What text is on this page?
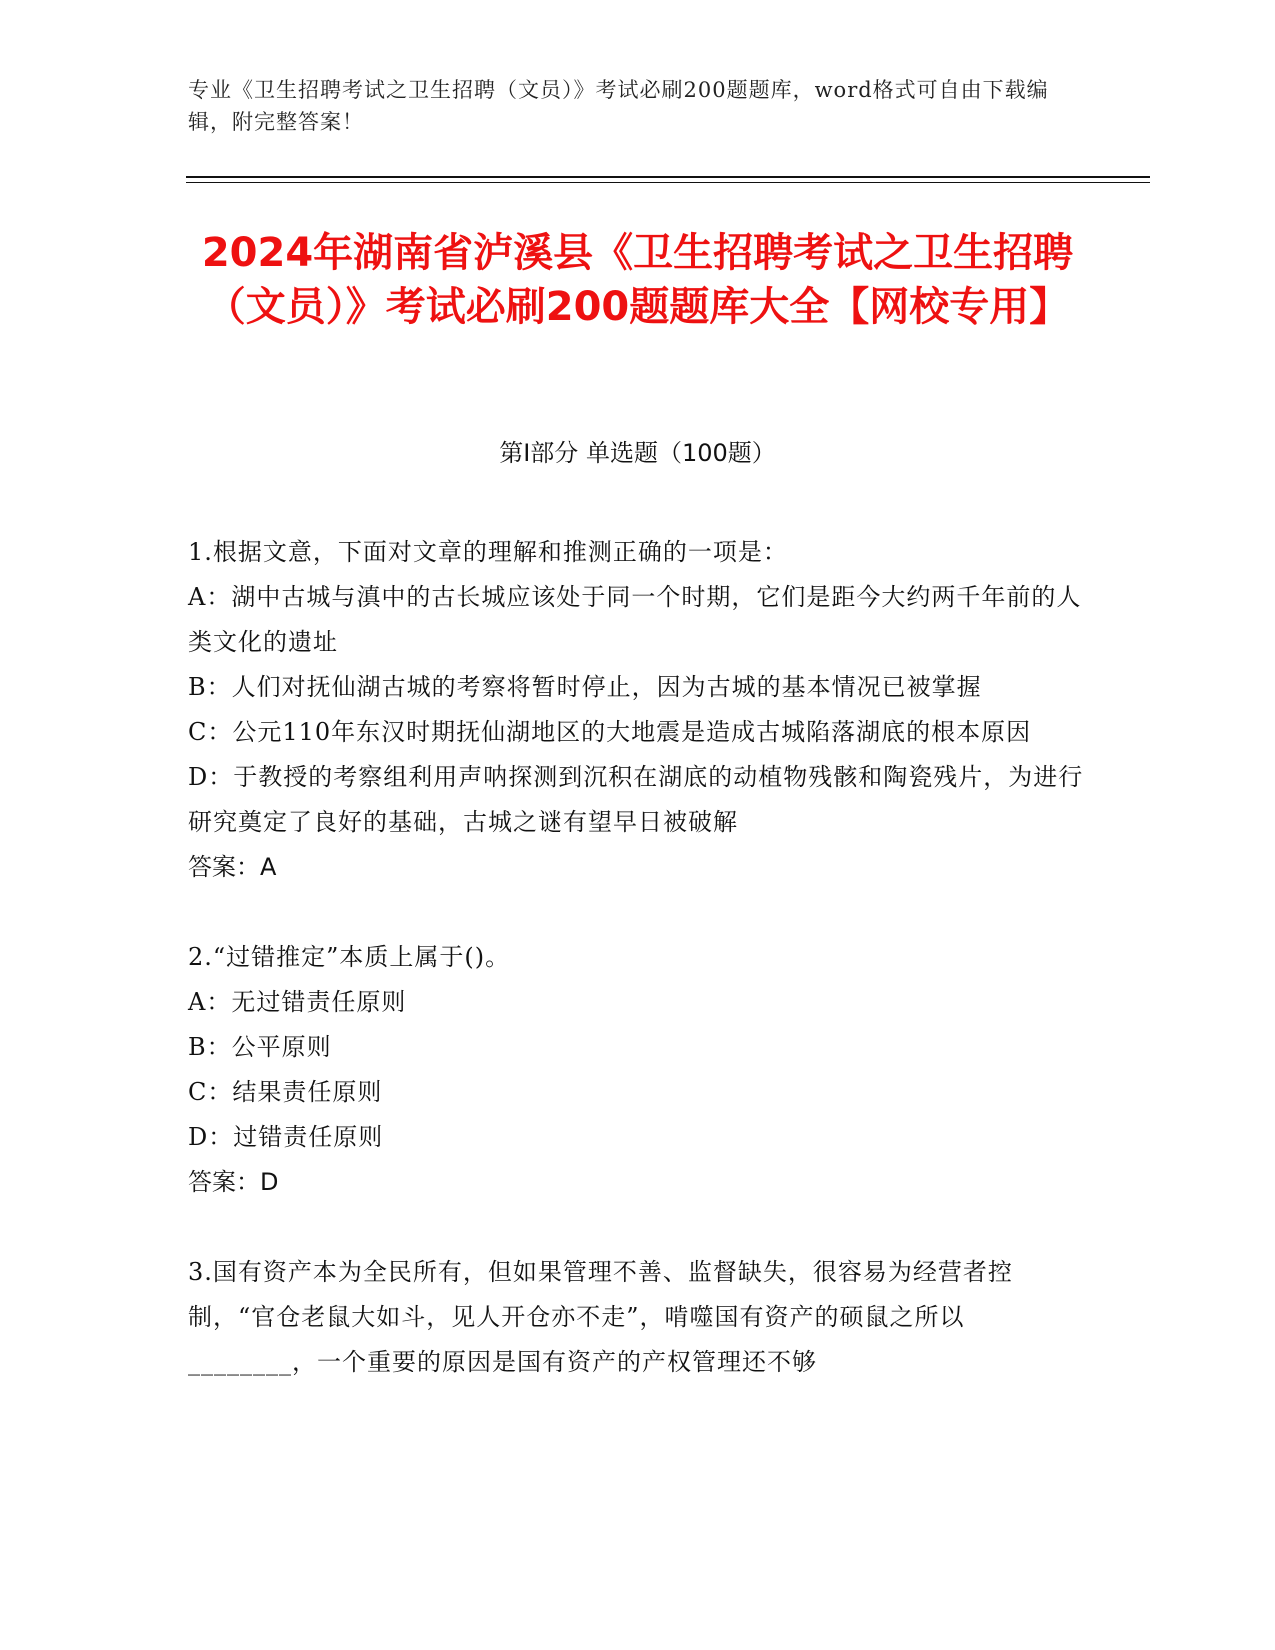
专业《卫生招聘考试之卫生招聘（文员）》考试必刷200题题库，word格式可自由下载编辑，附完整答案！
2024年湖南省泸溪县《卫生招聘考试之卫生招聘（文员）》考试必刷200题题库大全【网校专用】
第I部分 单选题（100题）
1.根据文意，下面对文章的理解和推测正确的一项是：
A：湖中古城与滇中的古长城应该处于同一个时期，它们是距今大约两千年前的人类文化的遗址
B：人们对抚仙湖古城的考察将暂时停止，因为古城的基本情况已被掌握
C：公元110年东汉时期抚仙湖地区的大地震是造成古城陷落湖底的根本原因
D：于教授的考察组利用声呐探测到沉积在湖底的动植物残骸和陶瓷残片，为进行研究奠定了良好的基础，古城之谜有望早日被破解
答案：A
2.“过错推定”本质上属于()。
A：无过错责任原则
B：公平原则
C：结果责任原则
D：过错责任原则
答案：D
3.国有资产本为全民所有，但如果管理不善、监督缺失，很容易为经营者控制，“官仓老鼠大如斗，见人开仓亦不走”，啃噬国有资产的硕鼠之所以________，一个重要的原因是国有资产的产权管理还不够
